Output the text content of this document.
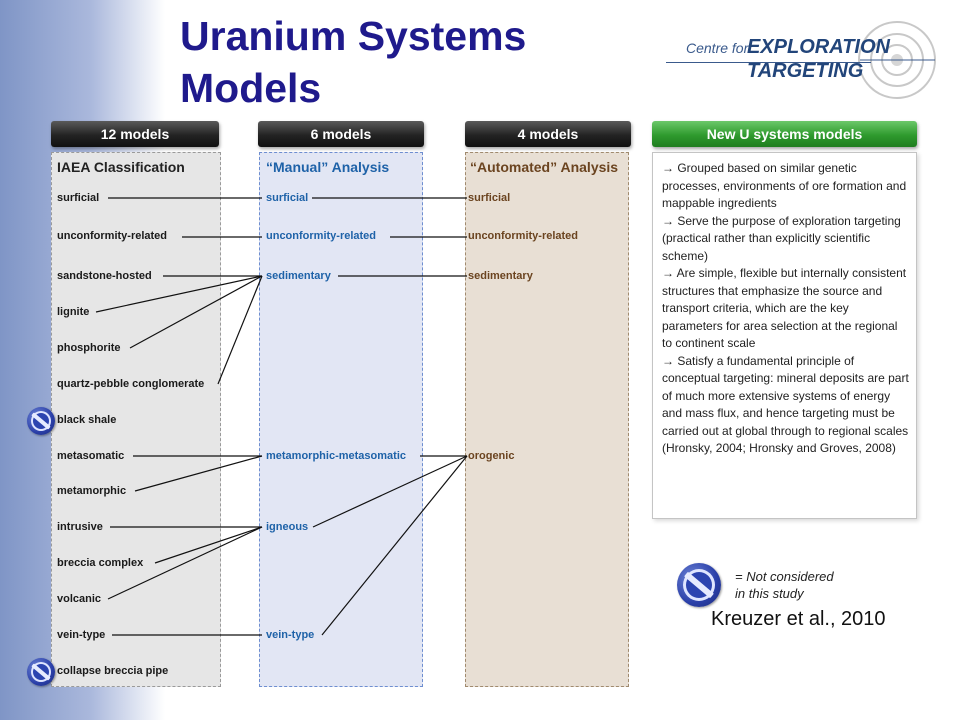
Uranium Systems
Models
Centre for
EXPLORATION
TARGETING
12 models	6 models	4 models	New U systems models
IAEA Classification	“Manual” Analysis	“Automated” Analysis
surficial
unconformity-related
sandstone-hosted
lignite
phosphorite
quartz-pebble conglomerate
black shale
metasomatic
metamorphic
intrusive
breccia complex
volcanic
vein-type
collapse breccia pipe
surficial
unconformity-related
sedimentary
metamorphic-metasomatic
igneous
vein-type
surficial
unconformity-related
sedimentary
orogenic
→ Grouped based on similar genetic processes, environments of ore formation and mappable ingredients
→ Serve the purpose of exploration targeting (practical rather than explicitly scientific scheme)
→ Are simple, flexible but internally consistent structures that emphasize the source and transport criteria, which are the key parameters for area selection at the regional to continent scale
→ Satisfy a fundamental principle of conceptual targeting: mineral deposits are part of much more extensive systems of energy and mass flux, and hence targeting must be carried out at global through to regional scales (Hronsky, 2004; Hronsky and Groves, 2008)
= Not considered
in this study
Kreuzer et al., 2010
